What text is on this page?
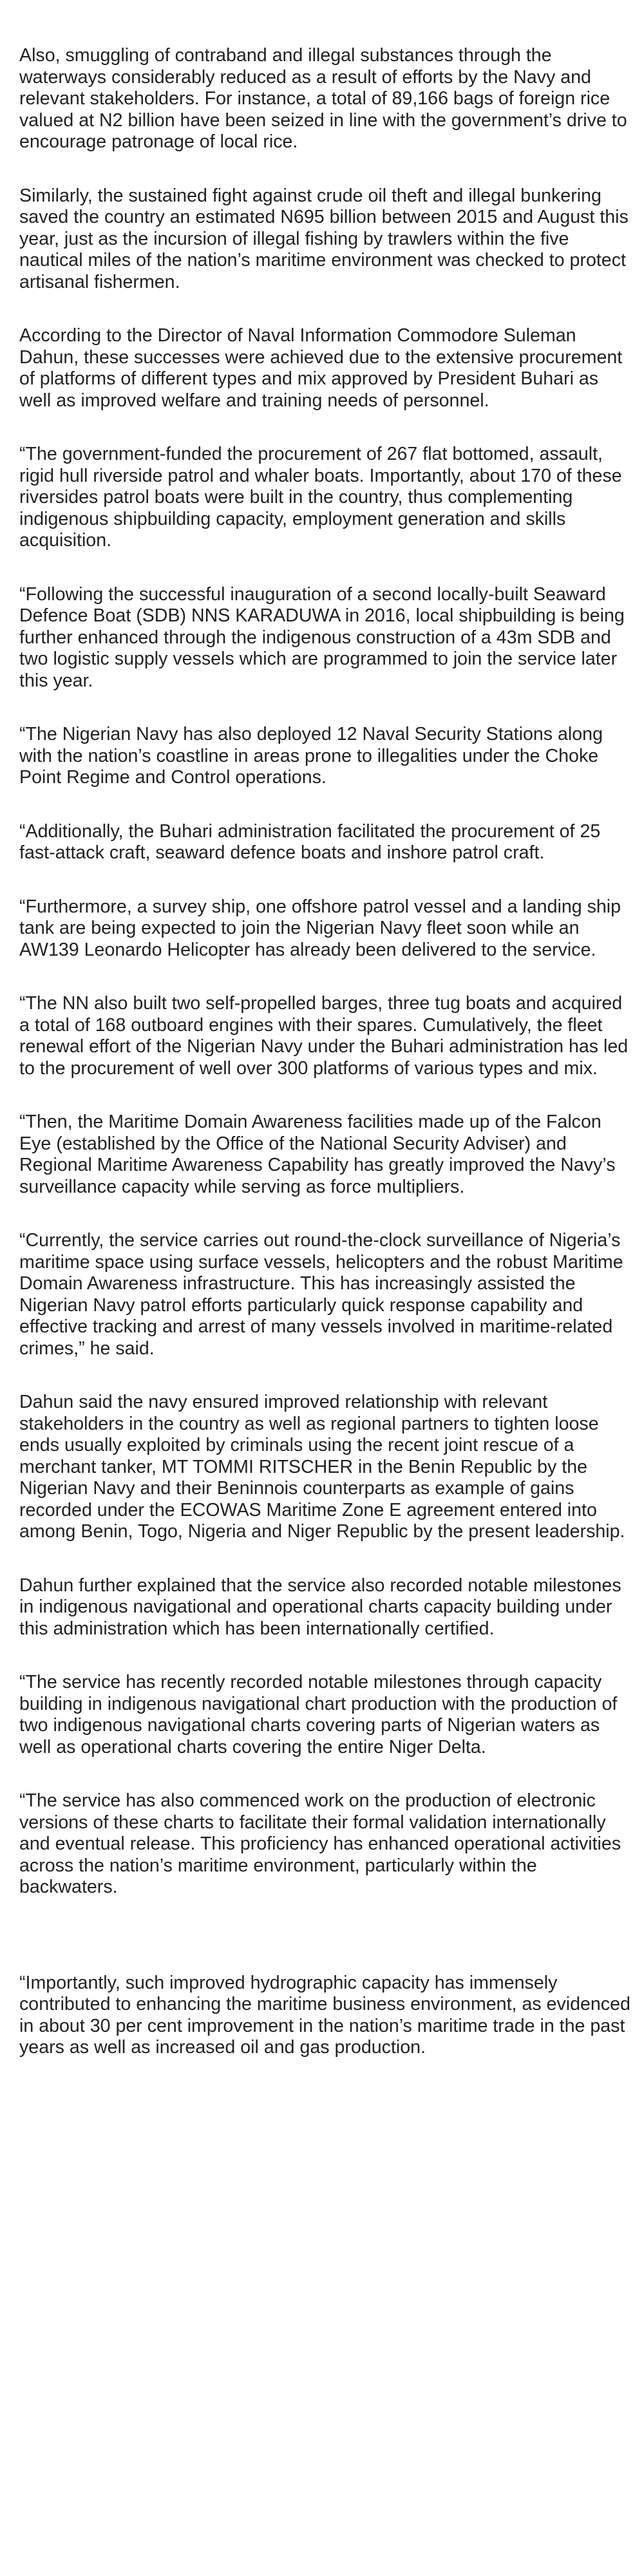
Also, smuggling of contraband and illegal substances through the waterways considerably reduced as a result of efforts by the Navy and relevant stakeholders. For instance, a total of 89,166 bags of foreign rice valued at N2 billion have been seized in line with the government’s drive to encourage patronage of local rice.

Similarly, the sustained fight against crude oil theft and illegal bunkering saved the country an estimated N695 billion between 2015 and August this year, just as the incursion of illegal fishing by trawlers within the five nautical miles of the nation’s maritime environment was checked to protect artisanal fishermen.

According to the Director of Naval Information Commodore Suleman Dahun, these successes were achieved due to the extensive procurement of platforms of different types and mix approved by President Buhari as well as improved welfare and training needs of personnel.

“The government-funded the procurement of 267 flat bottomed, assault, rigid hull riverside patrol and whaler boats. Importantly, about 170 of these riversides patrol boats were built in the country, thus complementing indigenous shipbuilding capacity, employment generation and skills acquisition.

“Following the successful inauguration of a second locally-built Seaward Defence Boat (SDB) NNS KARADUWA in 2016, local shipbuilding is being further enhanced through the indigenous construction of a 43m SDB and two logistic supply vessels which are programmed to join the service later this year.

“The Nigerian Navy has also deployed 12 Naval Security Stations along with the nation’s coastline in areas prone to illegalities under the Choke Point Regime and Control operations.

“Additionally, the Buhari administration facilitated the procurement of 25 fast-attack craft, seaward defence boats and inshore patrol craft.

“Furthermore, a survey ship, one offshore patrol vessel and a landing ship tank are being expected to join the Nigerian Navy fleet soon while an AW139 Leonardo Helicopter has already been delivered to the service.

“The NN also built two self-propelled barges, three tug boats and acquired a total of 168 outboard engines with their spares. Cumulatively, the fleet renewal effort of the Nigerian Navy under the Buhari administration has led to the procurement of well over 300 platforms of various types and mix.

“Then, the Maritime Domain Awareness facilities made up of the Falcon Eye (established by the Office of the National Security Adviser) and Regional Maritime Awareness Capability has greatly improved the Navy’s surveillance capacity while serving as force multipliers.

“Currently, the service carries out round-the-clock surveillance of Nigeria’s maritime space using surface vessels, helicopters and the robust Maritime Domain Awareness infrastructure. This has increasingly assisted the Nigerian Navy patrol efforts particularly quick response capability and effective tracking and arrest of many vessels involved in maritime-related crimes,” he said.

Dahun said the navy ensured improved relationship with relevant stakeholders in the country as well as regional partners to tighten loose ends usually exploited by criminals using the recent joint rescue of a merchant tanker, MT TOMMI RITSCHER in the Benin Republic by the Nigerian Navy and their Beninnois counterparts as example of gains recorded under the ECOWAS Maritime Zone E agreement entered into among Benin, Togo, Nigeria and Niger Republic by the present leadership.

Dahun further explained that the service also recorded notable milestones in indigenous navigational and operational charts capacity building under this administration which has been internationally certified.

“The service has recently recorded notable milestones through capacity building in indigenous navigational chart production with the production of two indigenous navigational charts covering parts of Nigerian waters as well as operational charts covering the entire Niger Delta.

“The service has also commenced work on the production of electronic versions of these charts to facilitate their formal validation internationally and eventual release. This proficiency has enhanced operational activities across the nation’s maritime environment, particularly within the backwaters.

“Importantly, such improved hydrographic capacity has immensely contributed to enhancing the maritime business environment, as evidenced in about 30 per cent improvement in the nation’s maritime trade in the past years as well as increased oil and gas production.
